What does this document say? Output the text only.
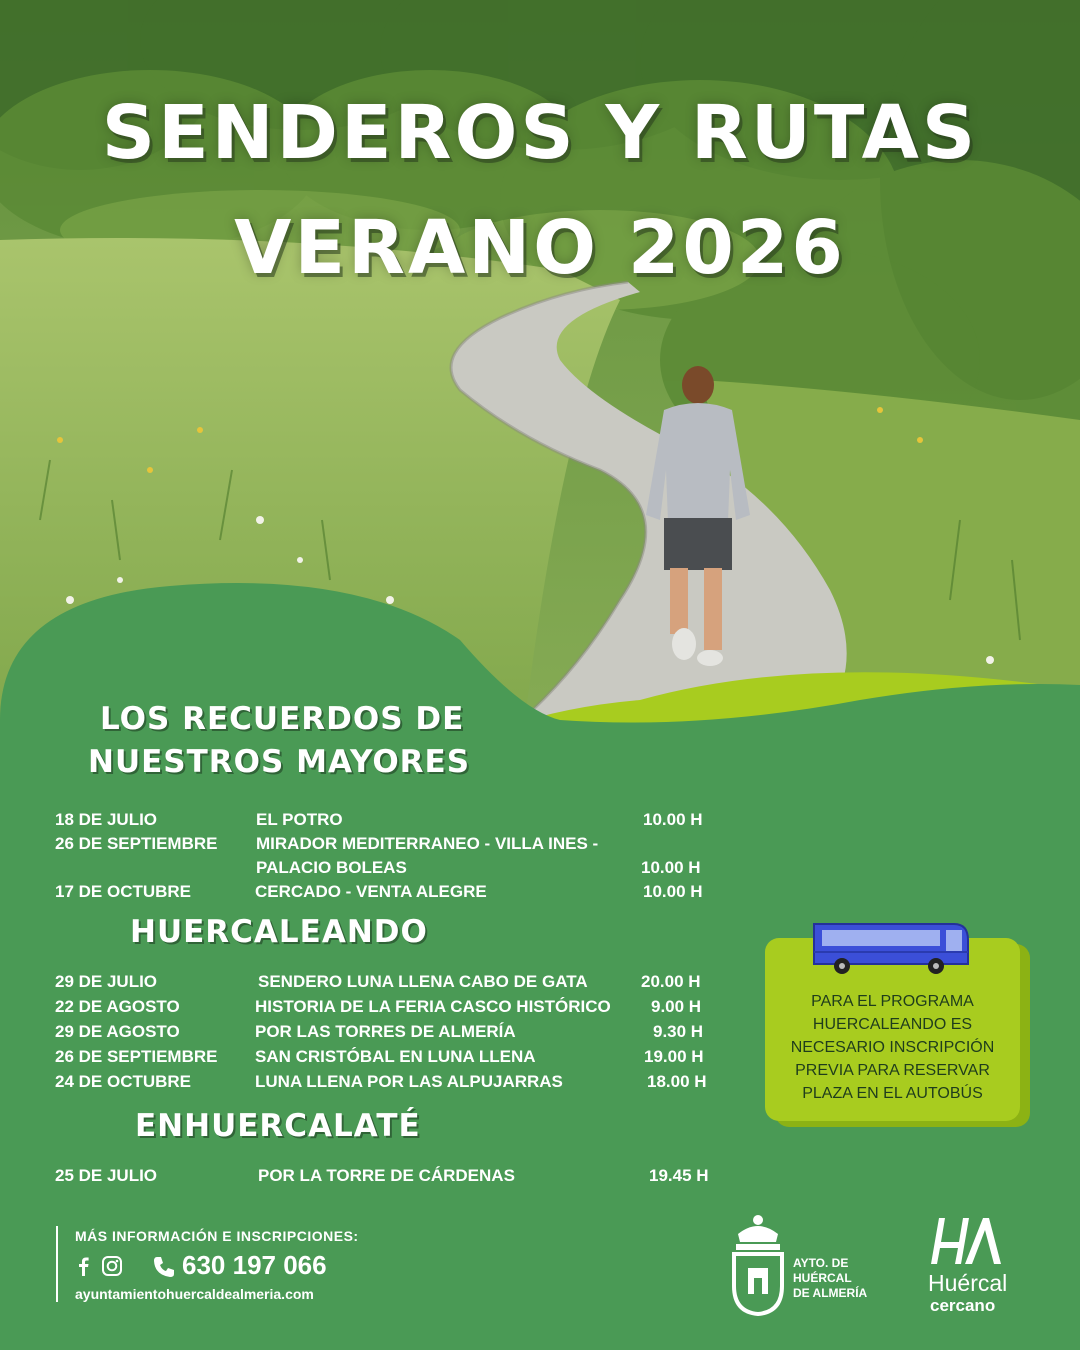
SENDEROS Y RUTAS
VERANO 2026
LOS RECUERDOS DE
NUESTROS MAYORES
18 DE JULIO	EL POTRO	10.00 H
26 DE SEPTIEMBRE MIRADOR MEDITERRANEO - VILLA INES -
PALACIO BOLEAS	10.00 H
17 DE OCTUBRE	CERCADO - VENTA ALEGRE	10.00 H
HUERCALEANDO
29 DE JULIO	SENDERO LUNA LLENA CABO DE GATA	20.00 H
22 DE AGOSTO	HISTORIA DE LA FERIA CASCO HISTÓRICO 9.00 H
29 DE AGOSTO	POR LAS TORRES DE ALMERÍA	9.30 H
26 DE SEPTIEMBRE SAN CRISTÓBAL EN LUNA LLENA	19.00 H
24 DE OCTUBRE	LUNA LLENA POR LAS ALPUJARRAS	18.00 H
ENHUERCALATÉ
25 DE JULIO	POR LA TORRE DE CÁRDENAS	19.45 H
PARA EL PROGRAMA
HUERCALEANDO ES
NECESARIO INSCRIPCIÓN
PREVIA PARA RESERVAR
PLAZA EN EL AUTOBÚS
MÁS INFORMACIÓN E INSCRIPCIONES:
630 197 066
ayuntamientohuercaldealmeria.com
AYTO. DE
HUÉRCAL
DE ALMERÍA	Huércal
cercano
